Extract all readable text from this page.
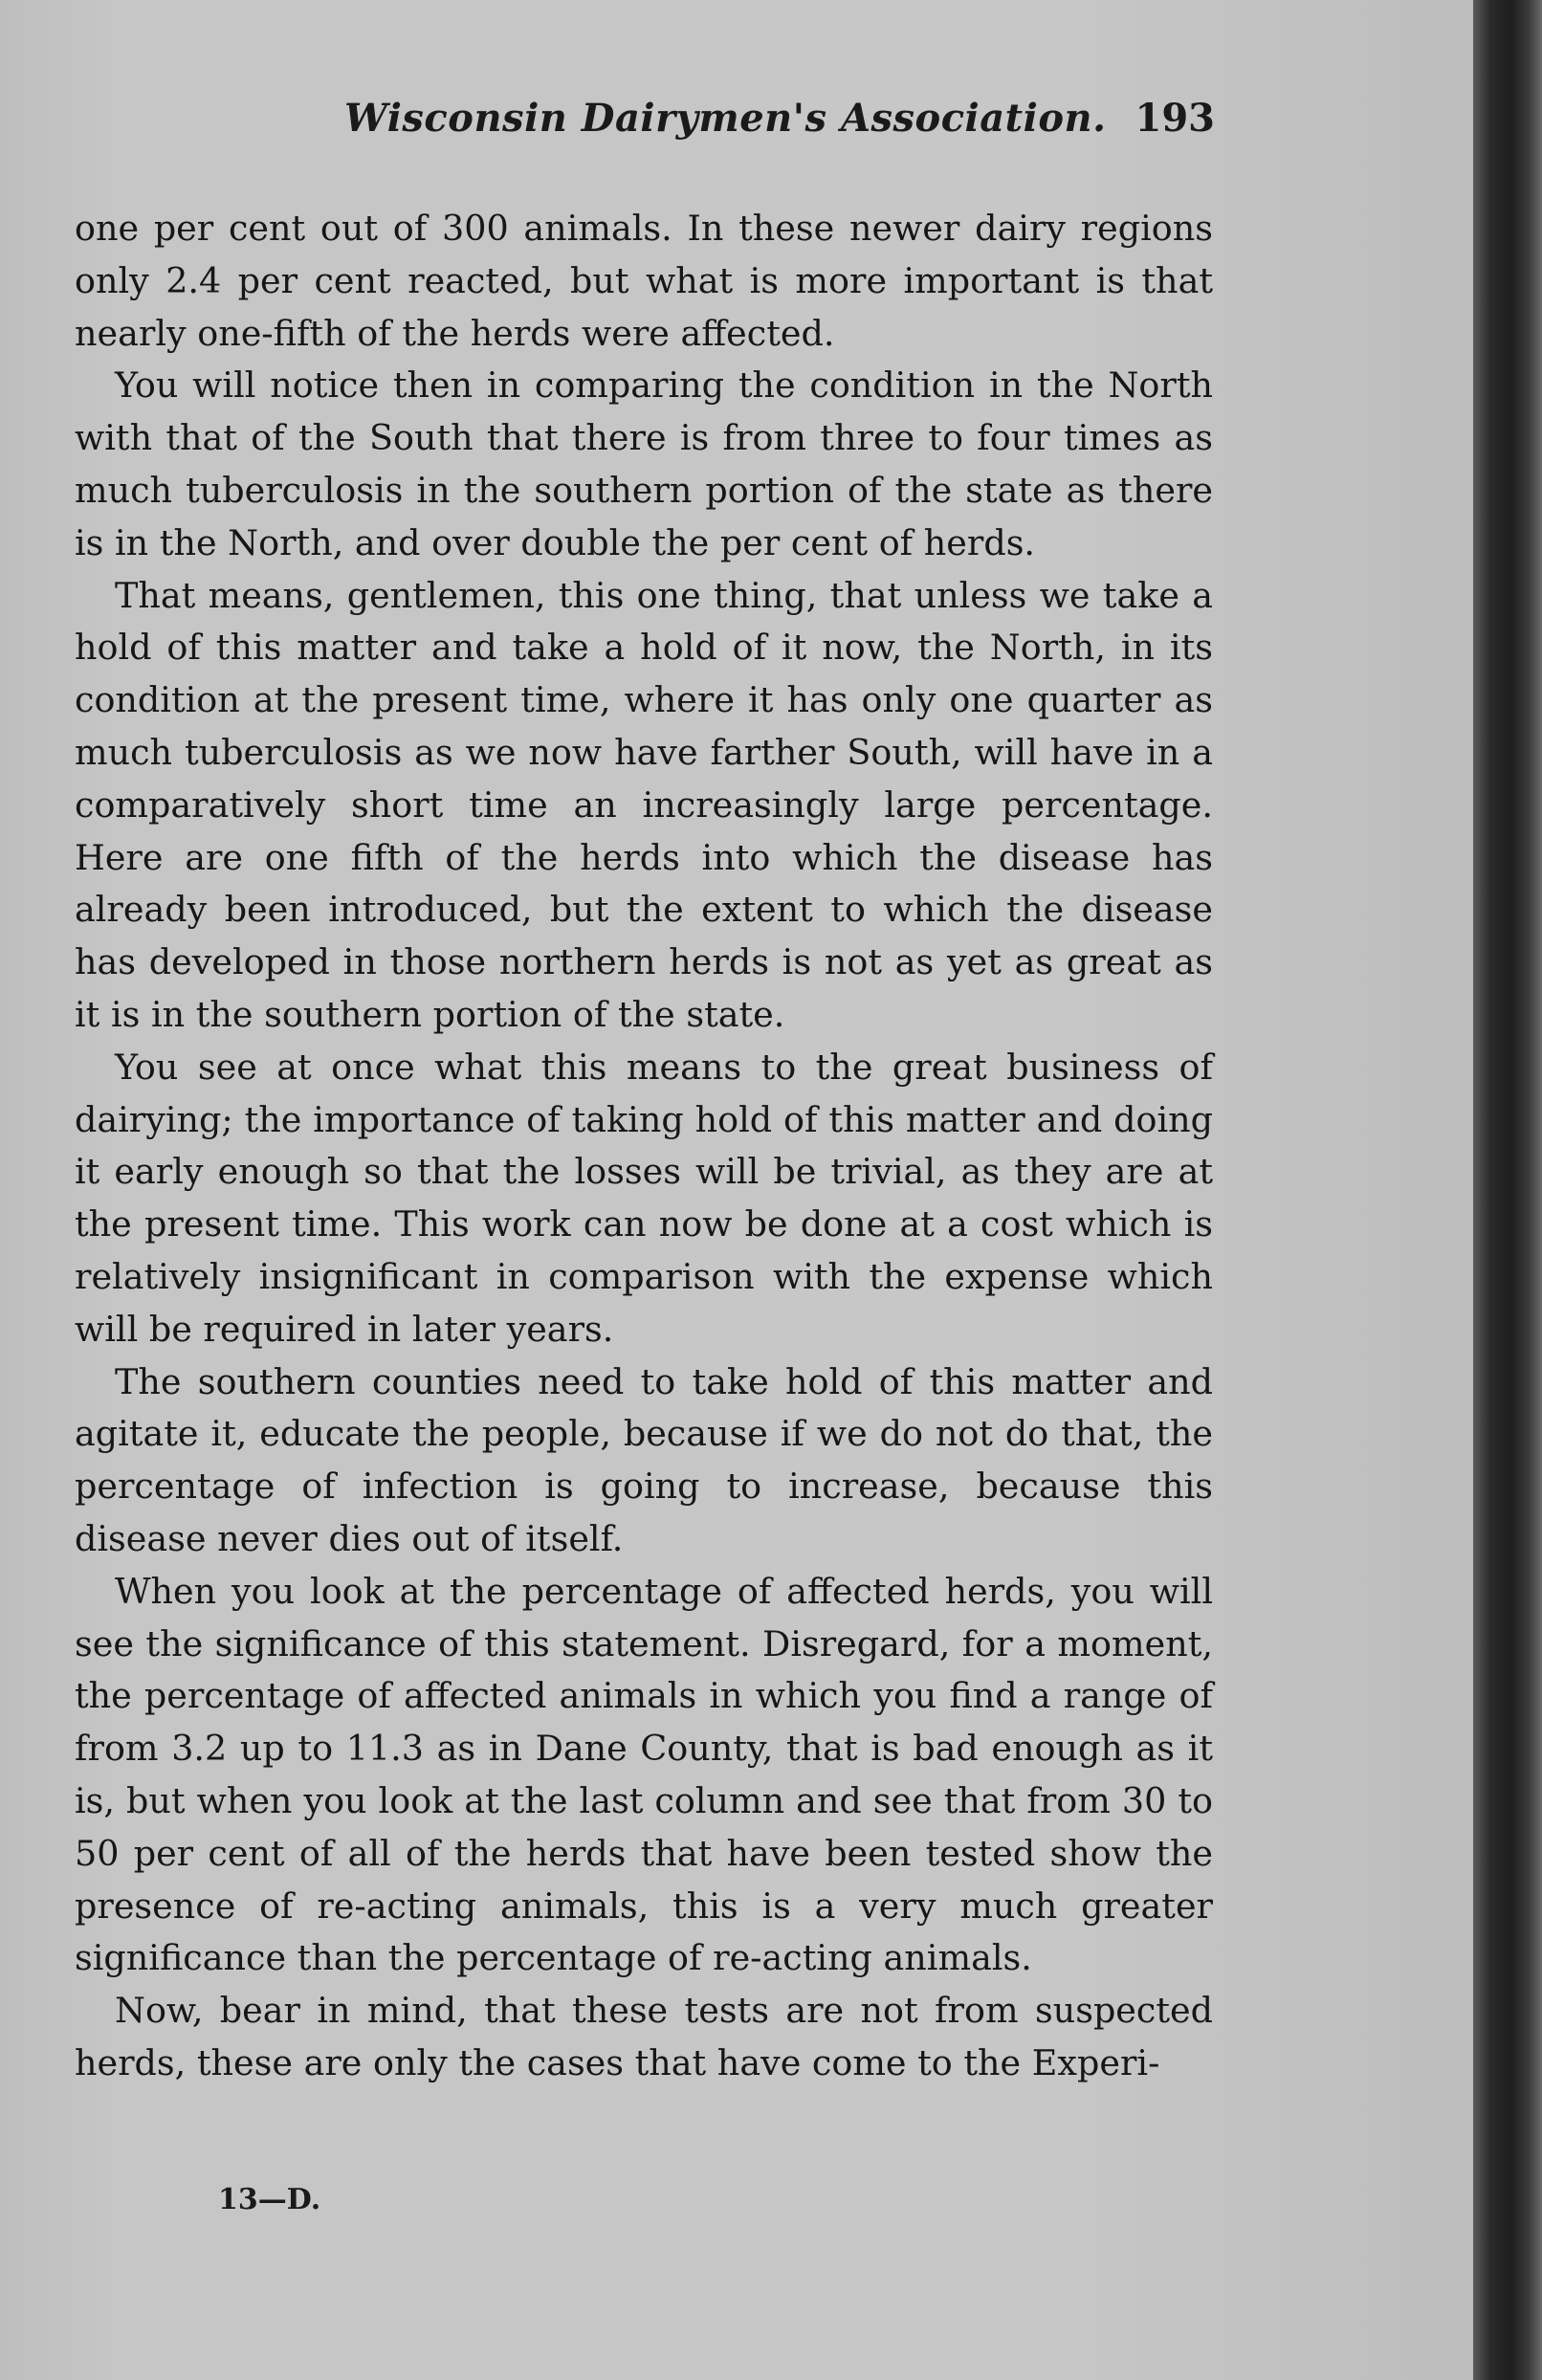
Wisconsin Dairymen's Association. 193

one per cent out of 300 animals. In these newer dairy regions only 2.4 per cent reacted, but what is more important is that nearly one-fifth of the herds were affected.

You will notice then in comparing the condition in the North with that of the South that there is from three to four times as much tuberculosis in the southern portion of the state as there is in the North, and over double the per cent of herds.

That means, gentlemen, this one thing, that unless we take a hold of this matter and take a hold of it now, the North, in its condition at the present time, where it has only one quarter as much tuberculosis as we now have farther South, will have in a comparatively short time an increasingly large percentage. Here are one fifth of the herds into which the disease has already been introduced, but the extent to which the disease has developed in those northern herds is not as yet as great as it is in the southern portion of the state.

You see at once what this means to the great business of dairying; the importance of taking hold of this matter and doing it early enough so that the losses will be trivial, as they are at the present time. This work can now be done at a cost which is relatively insignificant in comparison with the expense which will be required in later years.

The southern counties need to take hold of this matter and agitate it, educate the people, because if we do not do that, the percentage of infection is going to increase, because this disease never dies out of itself.

When you look at the percentage of affected herds, you will see the significance of this statement. Disregard, for a moment, the percentage of affected animals in which you find a range of from 3.2 up to 11.3 as in Dane County, that is bad enough as it is, but when you look at the last column and see that from 30 to 50 per cent of all of the herds that have been tested show the presence of re-acting animals, this is a very much greater significance than the percentage of re-acting animals.

Now, bear in mind, that these tests are not from suspected herds, these are only the cases that have come to the Experi-

13—D.
